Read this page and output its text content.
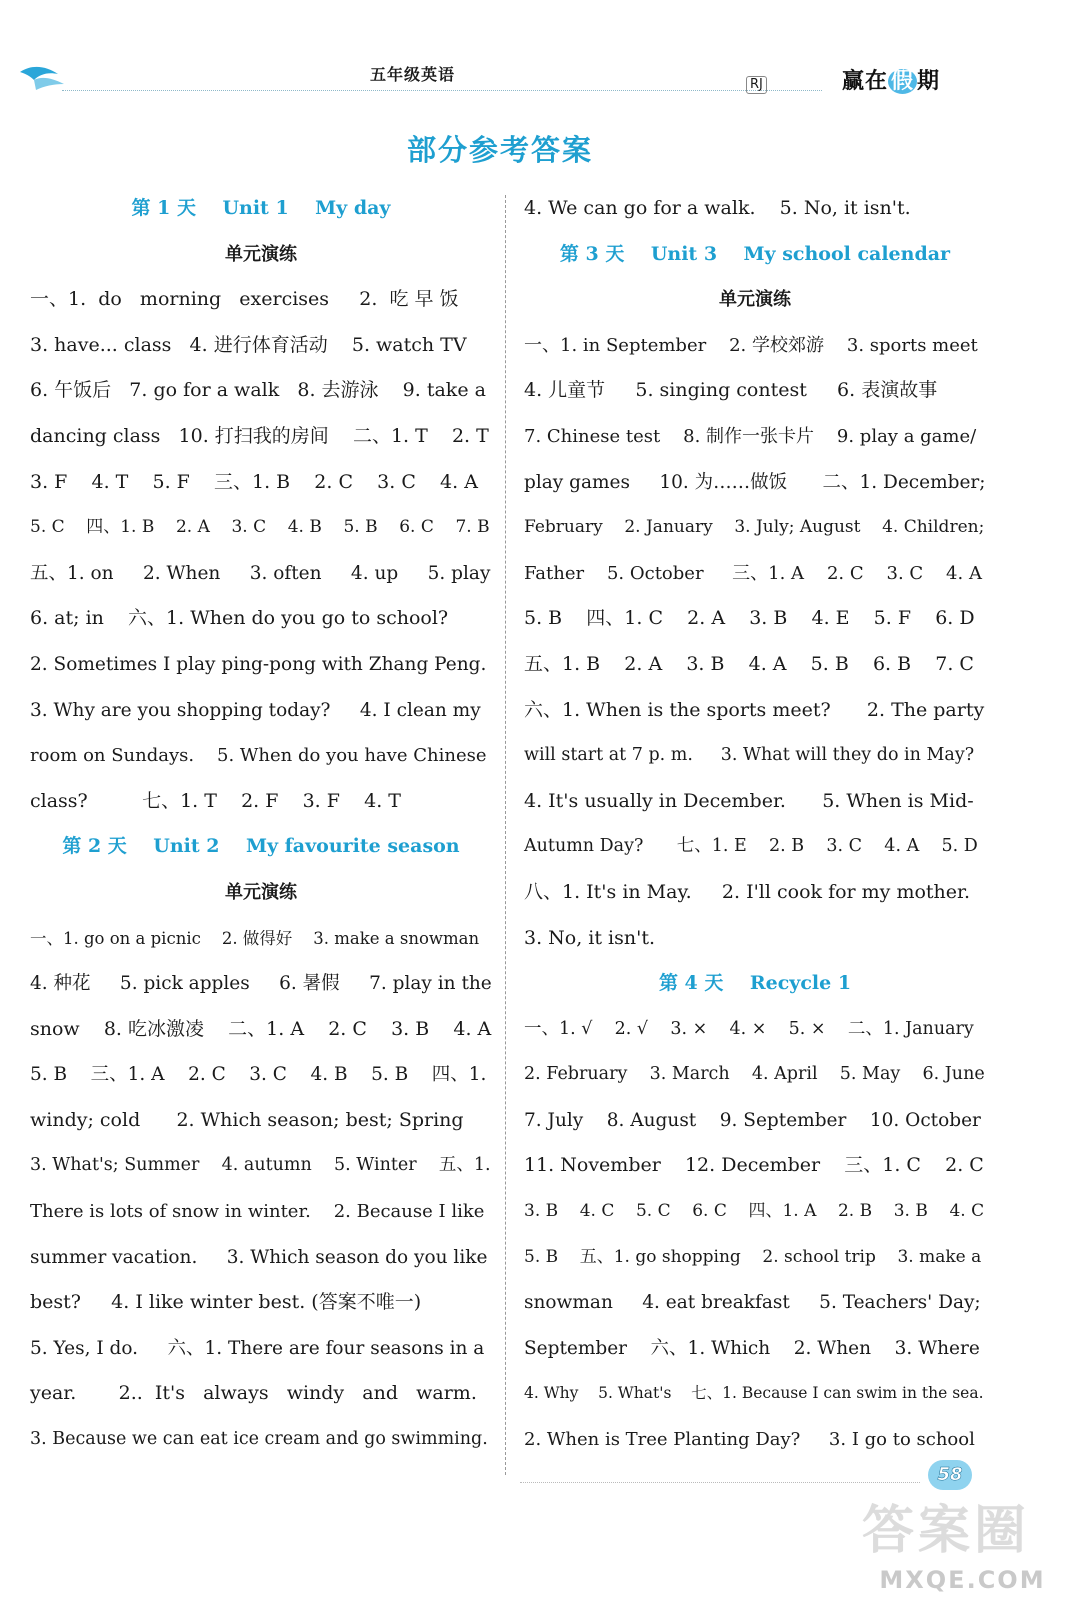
五年级英语
RJ	赢在 假 期
部分参考答案
第 1 天    Unit 1    My day
单元演练
一、1.  do   morning   exercises     2.  吃 早 饭
3. have... class   4. 进行体育活动    5. watch TV
6. 午饭后   7. go for a walk   8. 去游泳    9. take a
dancing class   10. 打扫我的房间    二、1. T    2. T
3. F    4. T    5. F    三、1. B    2. C    3. C    4. A
5. C    四、1. B    2. A    3. C    4. B    5. B    6. C    7. B
五、1. on     2. When     3. often     4. up     5. play
6. at; in    六、1. When do you go to school?
2. Sometimes I play ping-pong with Zhang Peng.
3. Why are you shopping today?     4. I clean my
room on Sundays.    5. When do you have Chinese
class?         七、1. T    2. F    3. F    4. T
第 2 天    Unit 2    My favourite season
单元演练
一、1. go on a picnic    2. 做得好    3. make a snowman
4. 种花     5. pick apples     6. 暑假     7. play in the
snow    8. 吃冰激凌    二、1. A    2. C    3. B    4. A
5. B    三、1. A    2. C    3. C    4. B    5. B    四、1.
windy; cold      2. Which season; best; Spring
3. What's; Summer    4. autumn    5. Winter    五、1.
There is lots of snow in winter.    2. Because I like
summer vacation.     3. Which season do you like
best?     4. I like winter best. (答案不唯一)
5. Yes, I do.     六、1. There are four seasons in a
year.       2..  It's   always   windy   and   warm.
3. Because we can eat ice cream and go swimming.
4. We can go for a walk.    5. No, it isn't.
第 3 天    Unit 3    My school calendar
单元演练
一、1. in September    2. 学校郊游    3. sports meet
4. 儿童节     5. singing contest     6. 表演故事
7. Chinese test    8. 制作一张卡片    9. play a game/
play games     10. 为……做饭      二、1. December;
February    2. January    3. July; August    4. Children;
Father    5. October     三、1. A    2. C    3. C    4. A
5. B    四、1. C    2. A    3. B    4. E    5. F    6. D
五、1. B    2. A    3. B    4. A    5. B    6. B    7. C
六、1. When is the sports meet?      2. The party
will start at 7 p. m.     3. What will they do in May?
4. It's usually in December.      5. When is Mid-
Autumn Day?      七、1. E    2. B    3. C    4. A    5. D
八、1. It's in May.     2. I'll cook for my mother.
3. No, it isn't.
第 4 天    Recycle 1
一、1. √    2. √    3. ×    4. ×    5. ×    二、1. January
2. February    3. March    4. April    5. May    6. June
7. July    8. August    9. September    10. October
11. November    12. December    三、1. C    2. C
3. B    4. C    5. C    6. C    四、1. A    2. B    3. B    4. C
5. B    五、1. go shopping    2. school trip    3. make a
snowman     4. eat breakfast     5. Teachers' Day;
September    六、1. Which    2. When    3. Where
4. Why    5. What's    七、1. Because I can swim in the sea.
2. When is Tree Planting Day?     3. I go to school
58
答案圈
MXQE.COM
